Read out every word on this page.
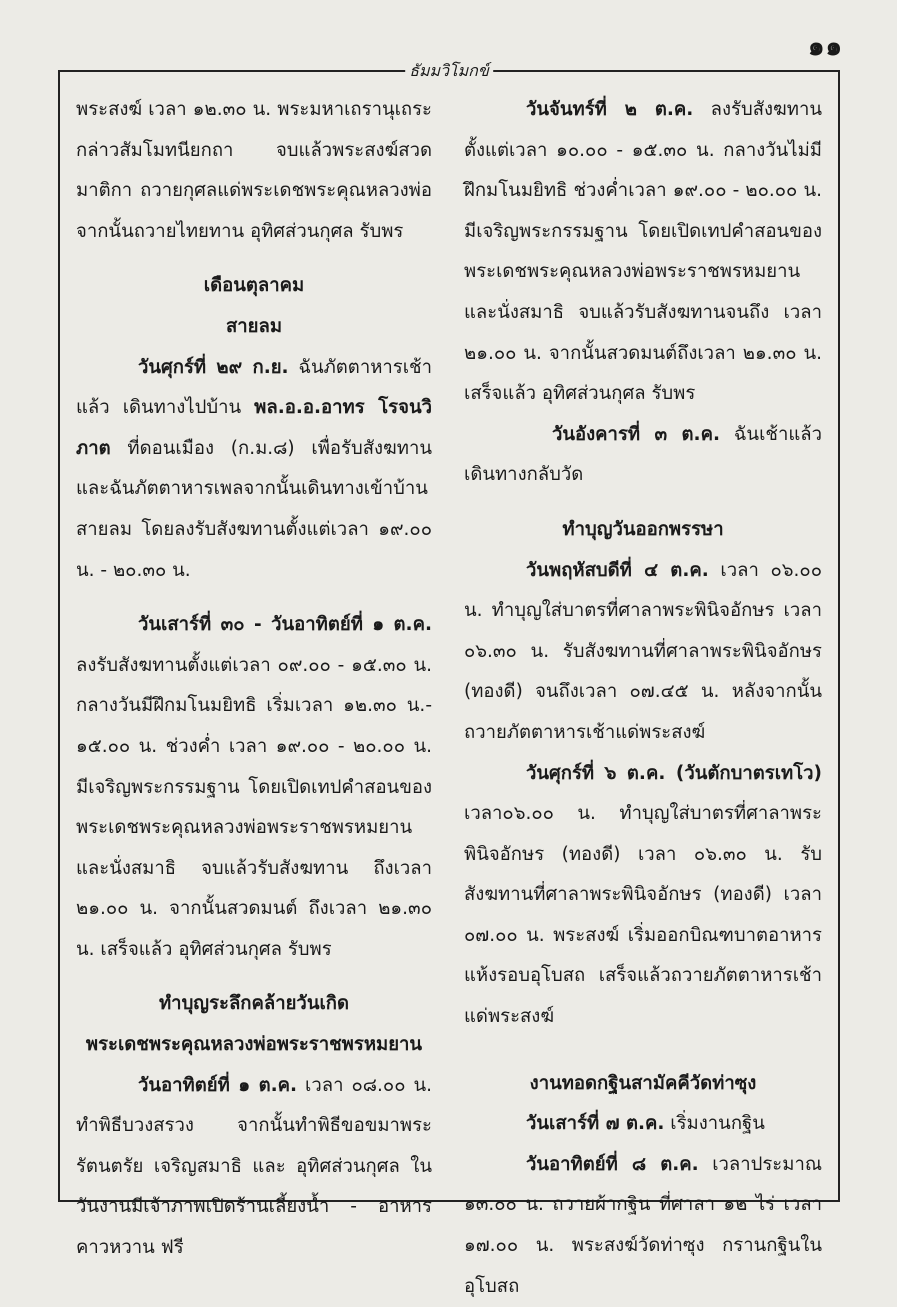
๑๑
ธัมมวิโมกข์

พระสงฆ์ เวลา ๑๒.๓๐ น. พระมหาเถรานุเถระ กล่าวสัมโมทนียกถา จบแล้วพระสงฆ์สวดมาติกา ถวายกุศลแด่พระเดชพระคุณหลวงพ่อ จากนั้นถวายไทยทาน อุทิศส่วนกุศล รับพร

เดือนตุลาคม

สายลม

วันศุกร์ที่ ๒๙ ก.ย. ฉันภัตตาหารเช้าแล้ว เดินทางไปบ้าน พล.อ.อ.อาทร โรจนวิภาต ที่ดอนเมือง (ก.ม.๘) เพื่อรับสังฆทาน และฉันภัตตาหารเพลจากนั้นเดินทางเข้าบ้านสายลม โดยลงรับสังฆทานตั้งแต่เวลา ๑๙.๐๐ น. - ๒๐.๓๐ น.

วันเสาร์ที่ ๓๐ - วันอาทิตย์ที่ ๑ ต.ค. ลงรับสังฆทานตั้งแต่เวลา ๐๙.๐๐ - ๑๕.๓๐ น. กลางวันมีฝึกมโนมยิทธิ เริ่มเวลา ๑๒.๓๐ น.- ๑๕.๐๐ น. ช่วงค่ำ เวลา ๑๙.๐๐ - ๒๐.๐๐ น. มีเจริญพระกรรมฐาน โดยเปิดเทปคำสอนของพระเดชพระคุณหลวงพ่อพระราชพรหมยานและนั่งสมาธิ จบแล้วรับสังฆทาน ถึงเวลา ๒๑.๐๐ น. จากนั้นสวดมนต์ ถึงเวลา ๒๑.๓๐ น. เสร็จแล้ว อุทิศส่วนกุศล รับพร

ทำบุญระลึกคล้ายวันเกิด

พระเดชพระคุณหลวงพ่อพระราชพรหมยาน

วันอาทิตย์ที่ ๑ ต.ค. เวลา ๐๘.๐๐ น. ทำพิธีบวงสรวง จากนั้นทำพิธีขอขมาพระรัตนตรัย เจริญสมาธิ และ อุทิศส่วนกุศล ในวันงานมีเจ้าภาพเปิดร้านเลี้ยงน้ำ - อาหารคาวหวาน ฟรี

วันจันทร์ที่ ๒ ต.ค. ลงรับสังฆทานตั้งแต่เวลา ๑๐.๐๐ - ๑๕.๓๐ น. กลางวันไม่มีฝึกมโนมยิทธิ ช่วงค่ำเวลา ๑๙.๐๐ - ๒๐.๐๐ น. มีเจริญพระกรรมฐาน โดยเปิดเทปคำสอนของพระเดชพระคุณหลวงพ่อพระราชพรหมยาน และนั่งสมาธิ จบแล้วรับสังฆทานจนถึง เวลา ๒๑.๐๐ น. จากนั้นสวดมนต์ถึงเวลา ๒๑.๓๐ น. เสร็จแล้ว อุทิศส่วนกุศล รับพร

วันอังคารที่ ๓ ต.ค. ฉันเช้าแล้วเดินทางกลับวัด

ทำบุญวันออกพรรษา

วันพฤหัสบดีที่ ๔ ต.ค. เวลา ๐๖.๐๐ น. ทำบุญใส่บาตรที่ศาลาพระพินิจอักษร เวลา ๐๖.๓๐ น. รับสังฆทานที่ศาลาพระพินิจอักษร (ทองดี) จนถึงเวลา ๐๗.๔๕ น. หลังจากนั้น ถวายภัตตาหารเช้าแด่พระสงฆ์

วันศุกร์ที่ ๖ ต.ค. (วันตักบาตรเทโว) เวลา๐๖.๐๐ น. ทำบุญใส่บาตรที่ศาลาพระพินิจอักษร (ทองดี) เวลา ๐๖.๓๐ น. รับสังฆทานที่ศาลาพระพินิจอักษร (ทองดี) เวลา ๐๗.๐๐ น. พระสงฆ์ เริ่มออกบิณฑบาตอาหารแห้งรอบอุโบสถ เสร็จแล้วถวายภัตตาหารเช้าแด่พระสงฆ์

งานทอดกฐินสามัคคีวัดท่าซุง

วันเสาร์ที่ ๗ ต.ค. เริ่มงานกฐิน

วันอาทิตย์ที่ ๘ ต.ค. เวลาประมาณ ๑๓.๐๐ น. ถวายผ้ากฐิน ที่ศาลา ๑๒ ไร่ เวลา ๑๗.๐๐ น. พระสงฆ์วัดท่าซุง กรานกฐินในอุโบสถ
